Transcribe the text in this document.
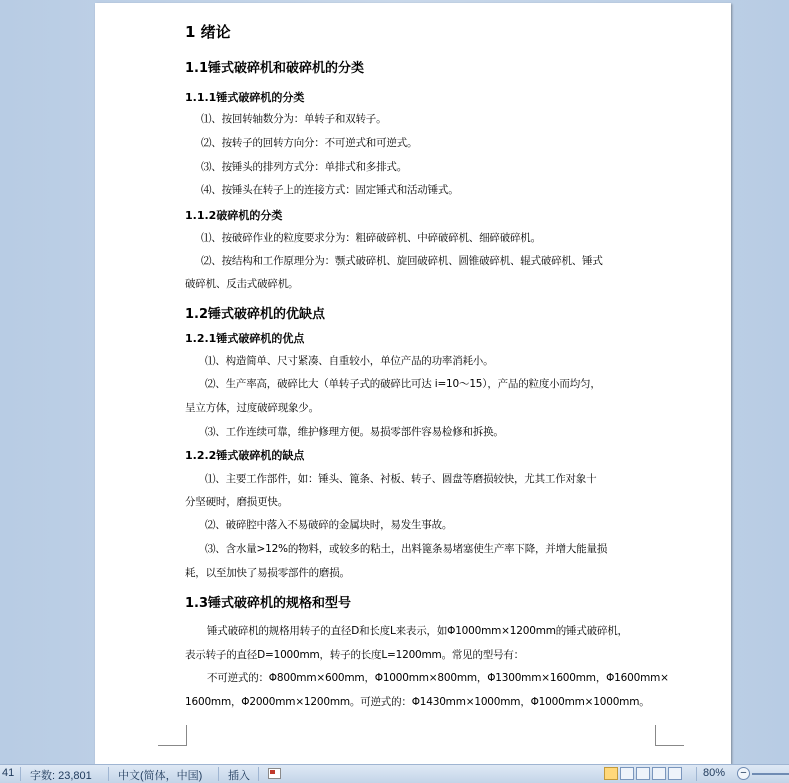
1 绪论
1.1锤式破碎机和破碎机的分类
1.1.1锤式破碎机的分类
⑴、按回转轴数分为：单转子和双转子。
⑵、按转子的回转方向分：不可逆式和可逆式。
⑶、按锤头的排列方式分：单排式和多排式。
⑷、按锤头在转子上的连接方式：固定锤式和活动锤式。
1.1.2破碎机的分类
⑴、按破碎作业的粒度要求分为：粗碎破碎机、中碎破碎机、细碎破碎机。
⑵、按结构和工作原理分为：颚式破碎机、旋回破碎机、圆锥破碎机、辊式破碎机、锤式
破碎机、反击式破碎机。
1.2锤式破碎机的优缺点
1.2.1锤式破碎机的优点
⑴、构造简单、尺寸紧凑、自重较小，单位产品的功率消耗小。
⑵、生产率高，破碎比大（单转子式的破碎比可达 i=10～15），产品的粒度小而均匀，
呈立方体，过度破碎现象少。
⑶、工作连续可靠，维护修理方便。易损零部件容易检修和拆换。
1.2.2锤式破碎机的缺点
⑴、主要工作部件，如：锤头、篦条、衬板、转子、圆盘等磨损较快，尤其工作对象十
分坚硬时，磨损更快。
⑵、破碎腔中落入不易破碎的金属块时，易发生事故。
⑶、含水量>12%的物料，或较多的粘土，出料篦条易堵塞使生产率下降，并增大能量损
耗，以至加快了易损零部件的磨损。
1.3锤式破碎机的规格和型号
锤式破碎机的规格用转子的直径D和长度L来表示，如Φ1000mm×1200mm的锤式破碎机，
表示转子的直径D=1000mm，转子的长度L=1200mm。常见的型号有：
不可逆式的：Φ800mm×600mm，Φ1000mm×800mm，Φ1300mm×1600mm，Φ1600mm×
1600mm，Φ2000mm×1200mm。可逆式的：Φ1430mm×1000mm，Φ1000mm×1000mm。
41 字数: 23,801 中文(简体，中国) 插入	80% −
